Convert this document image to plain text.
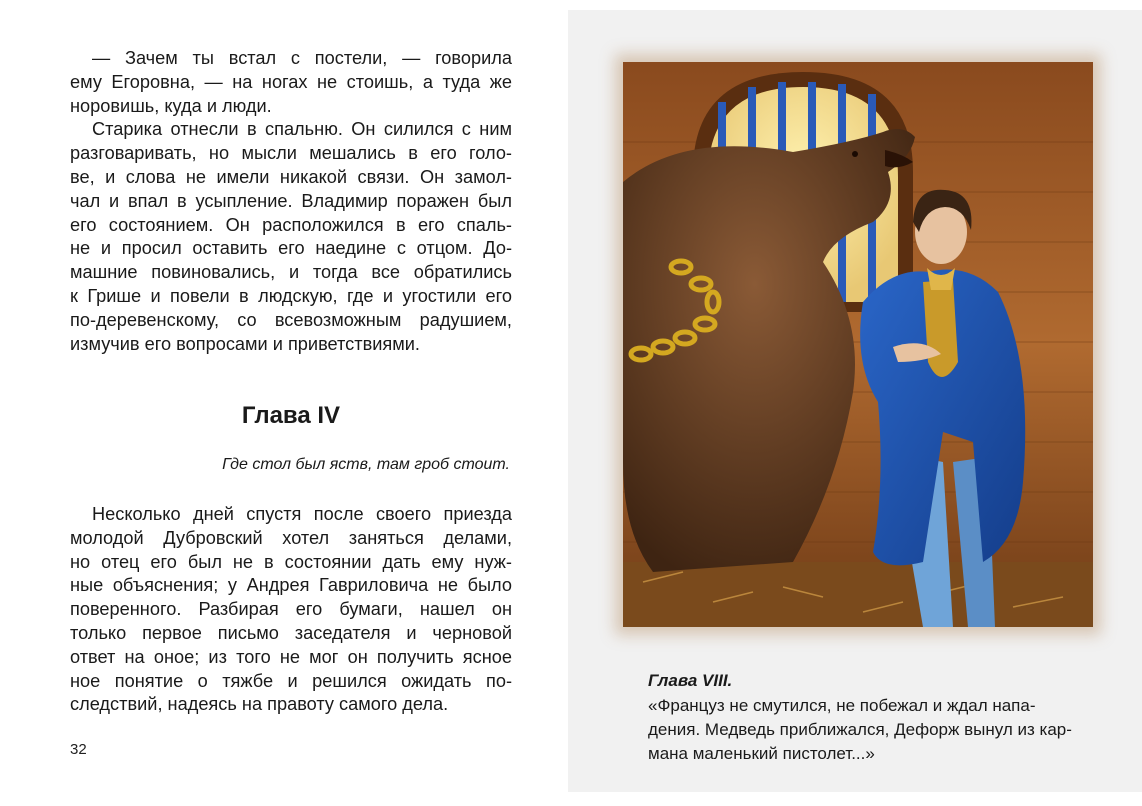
— Зачем ты встал с постели, — говорила
ему Егоровна, — на ногах не стоишь, а туда же
норовишь, куда и люди.

Старика отнесли в спальню. Он силился с ним
разговаривать, но мысли мешались в его голо-
ве, и слова не имели никакой связи. Он замол-
чал и впал в усыпление. Владимир поражен был
его состоянием. Он расположился в его спаль-
не и просил оставить его наедине с отцом. До-
машние повиновались, и тогда все обратились
к Грише и повели в людскую, где и угостили его
по-деревенскому, со всевозможным радушием,
измучив его вопросами и приветствиями.

Глава IV
Где стол был яств, там гроб стоит.

Несколько дней спустя после своего приезда
молодой Дубровский хотел заняться делами,
но отец его был не в состоянии дать ему нуж-
ные объяснения; у Андрея Гавриловича не было
поверенного. Разбирая его бумаги, нашел он
только первое письмо заседателя и черновой
ответ на оное; из того не мог он получить ясное
ное понятие о тяжбе и решился ожидать по-
следствий, надеясь на правоту самого дела.

32
Глава VIII.
«Француз не смутился, не побежал и ждал напа-
дения. Медведь приближался, Дефорж вынул из кар-
мана маленький пистолет...»
